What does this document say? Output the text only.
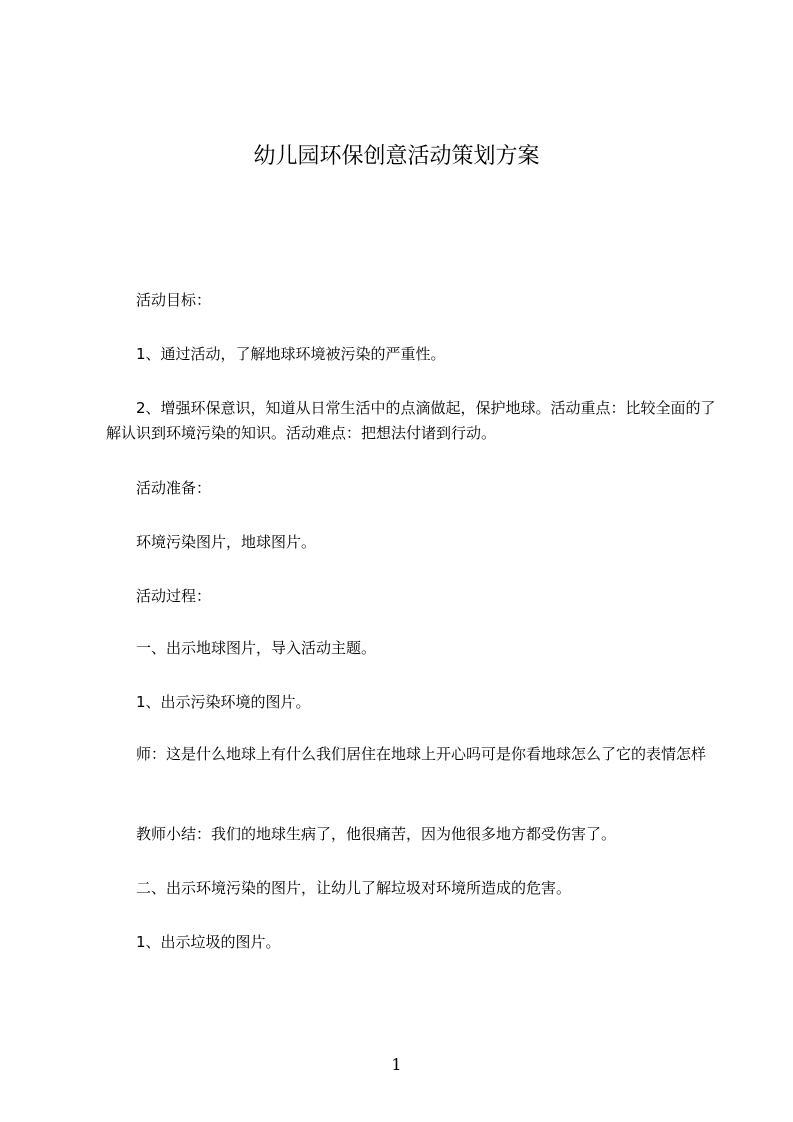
幼儿园环保创意活动策划方案
活动目标：
1、通过活动，了解地球环境被污染的严重性。
2、增强环保意识，知道从日常生活中的点滴做起，保护地球。活动重点：比较全面的了解认识到环境污染的知识。活动难点：把想法付诸到行动。
活动准备：
环境污染图片，地球图片。
活动过程：
一、出示地球图片，导入活动主题。
1、出示污染环境的图片。
师：这是什么地球上有什么我们居住在地球上开心吗可是你看地球怎么了它的表情怎样
教师小结：我们的地球生病了，他很痛苦，因为他很多地方都受伤害了。
二、出示环境污染的图片，让幼儿了解垃圾对环境所造成的危害。
1、出示垃圾的图片。
1
